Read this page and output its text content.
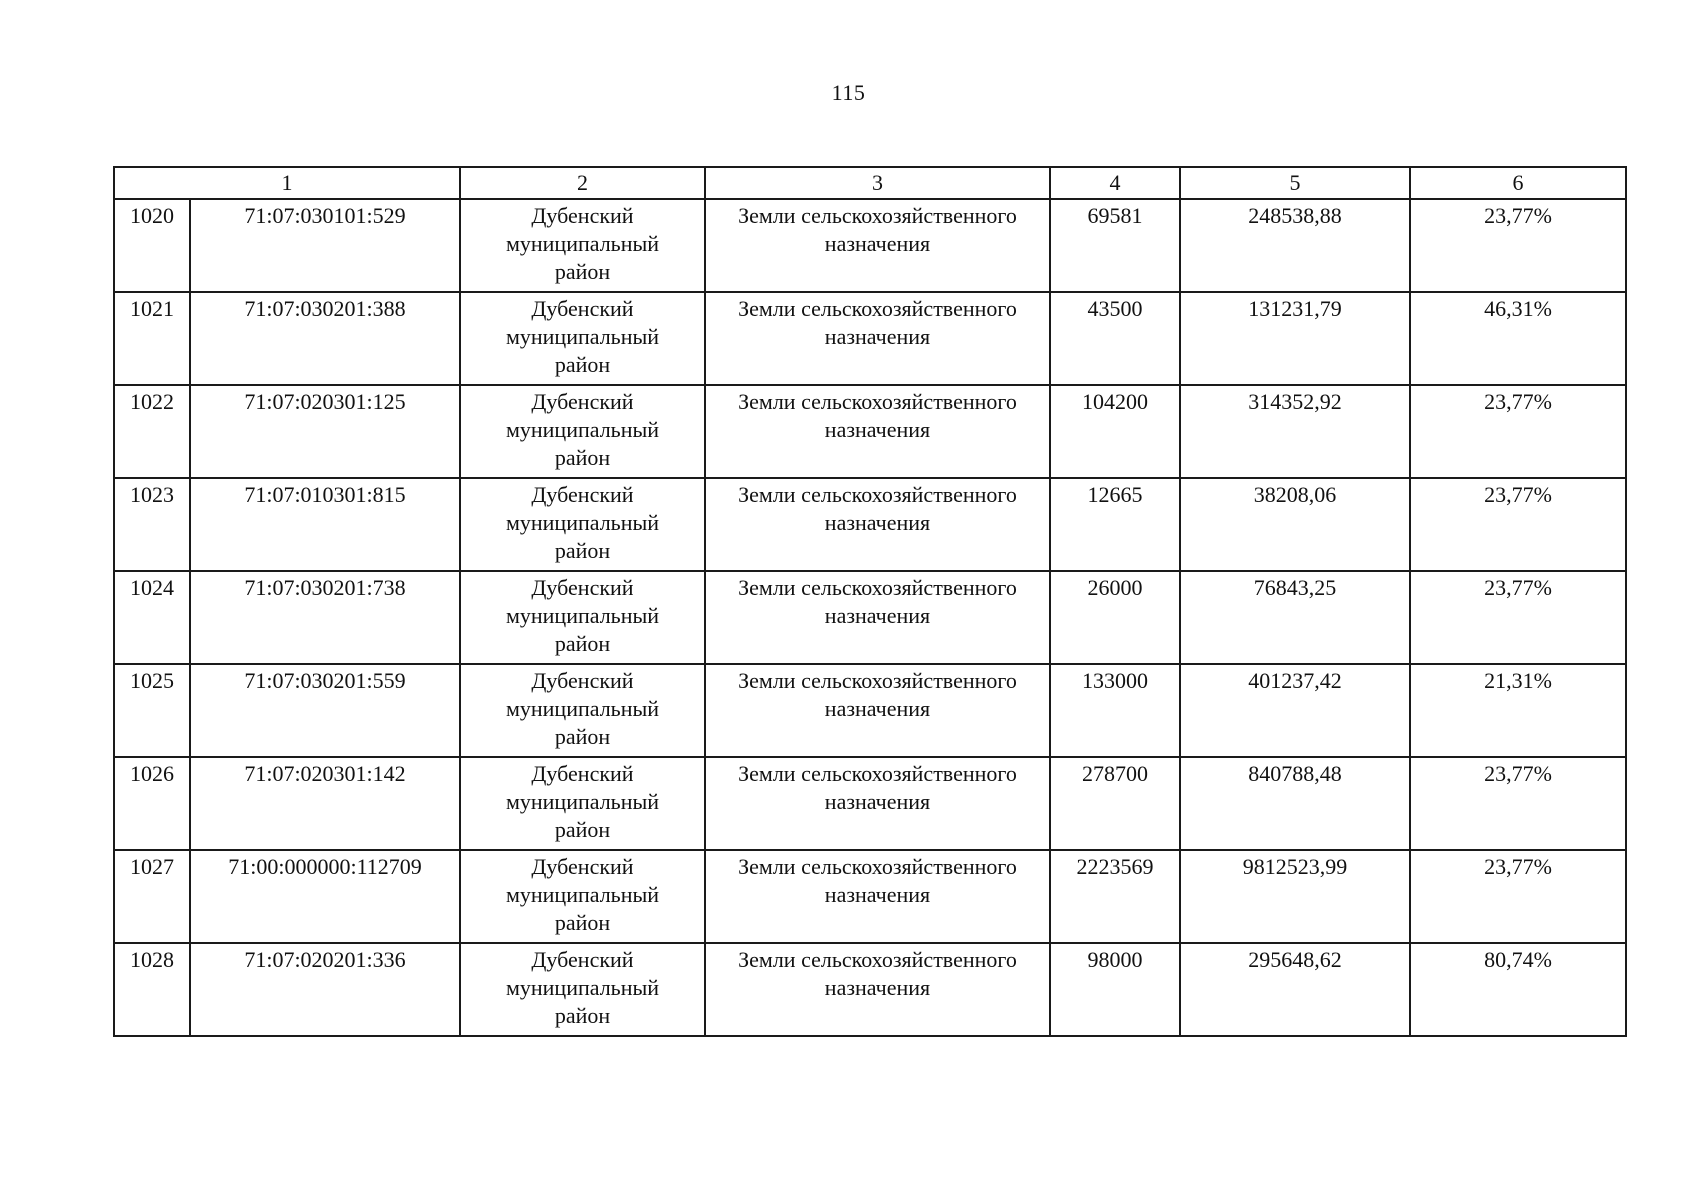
115
1		2	3	4	5	6
1020	71:07:030101:529	Дубенский
муниципальный
район	Земли сельскохозяйственного
назначения	69581	248538,88	23,77%
1021	71:07:030201:388	Дубенский
муниципальный
район	Земли сельскохозяйственного
назначения	43500	131231,79	46,31%
1022	71:07:020301:125	Дубенский
муниципальный
район	Земли сельскохозяйственного
назначения	104200	314352,92	23,77%
1023	71:07:010301:815	Дубенский
муниципальный
район	Земли сельскохозяйственного
назначения	12665	38208,06	23,77%
1024	71:07:030201:738	Дубенский
муниципальный
район	Земли сельскохозяйственного
назначения	26000	76843,25	23,77%
1025	71:07:030201:559	Дубенский
муниципальный
район	Земли сельскохозяйственного
назначения	133000	401237,42	21,31%
1026	71:07:020301:142	Дубенский
муниципальный
район	Земли сельскохозяйственного
назначения	278700	840788,48	23,77%
1027	71:00:000000:112709	Дубенский
муниципальный
район	Земли сельскохозяйственного
назначения	2223569	9812523,99	23,77%
1028	71:07:020201:336	Дубенский
муниципальный
район	Земли сельскохозяйственного
назначения	98000	295648,62	80,74%
